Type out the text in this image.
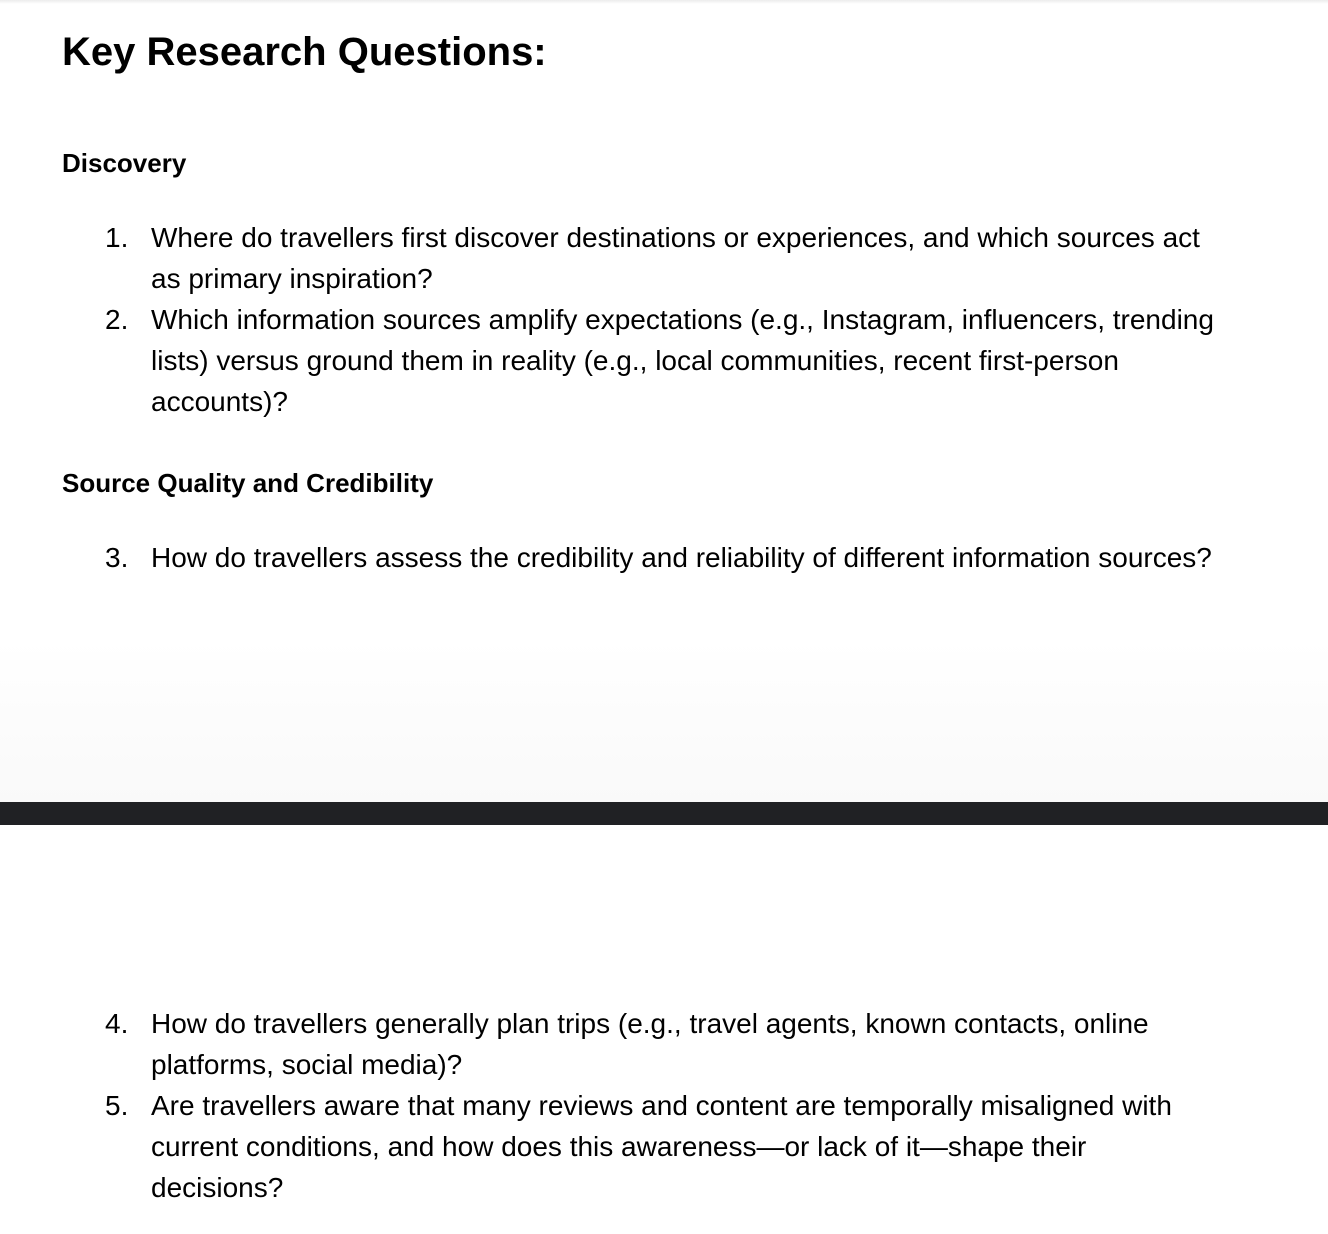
Key Research Questions:
Discovery
1. Where do travellers first discover destinations or experiences, and which sources act as primary inspiration?
2. Which information sources amplify expectations (e.g., Instagram, influencers, trending lists) versus ground them in reality (e.g., local communities, recent first-person accounts)?
Source Quality and Credibility
3. How do travellers assess the credibility and reliability of different information sources?
4. How do travellers generally plan trips (e.g., travel agents, known contacts, online platforms, social media)?
5. Are travellers aware that many reviews and content are temporally misaligned with current conditions, and how does this awareness—or lack of it—shape their decisions?
